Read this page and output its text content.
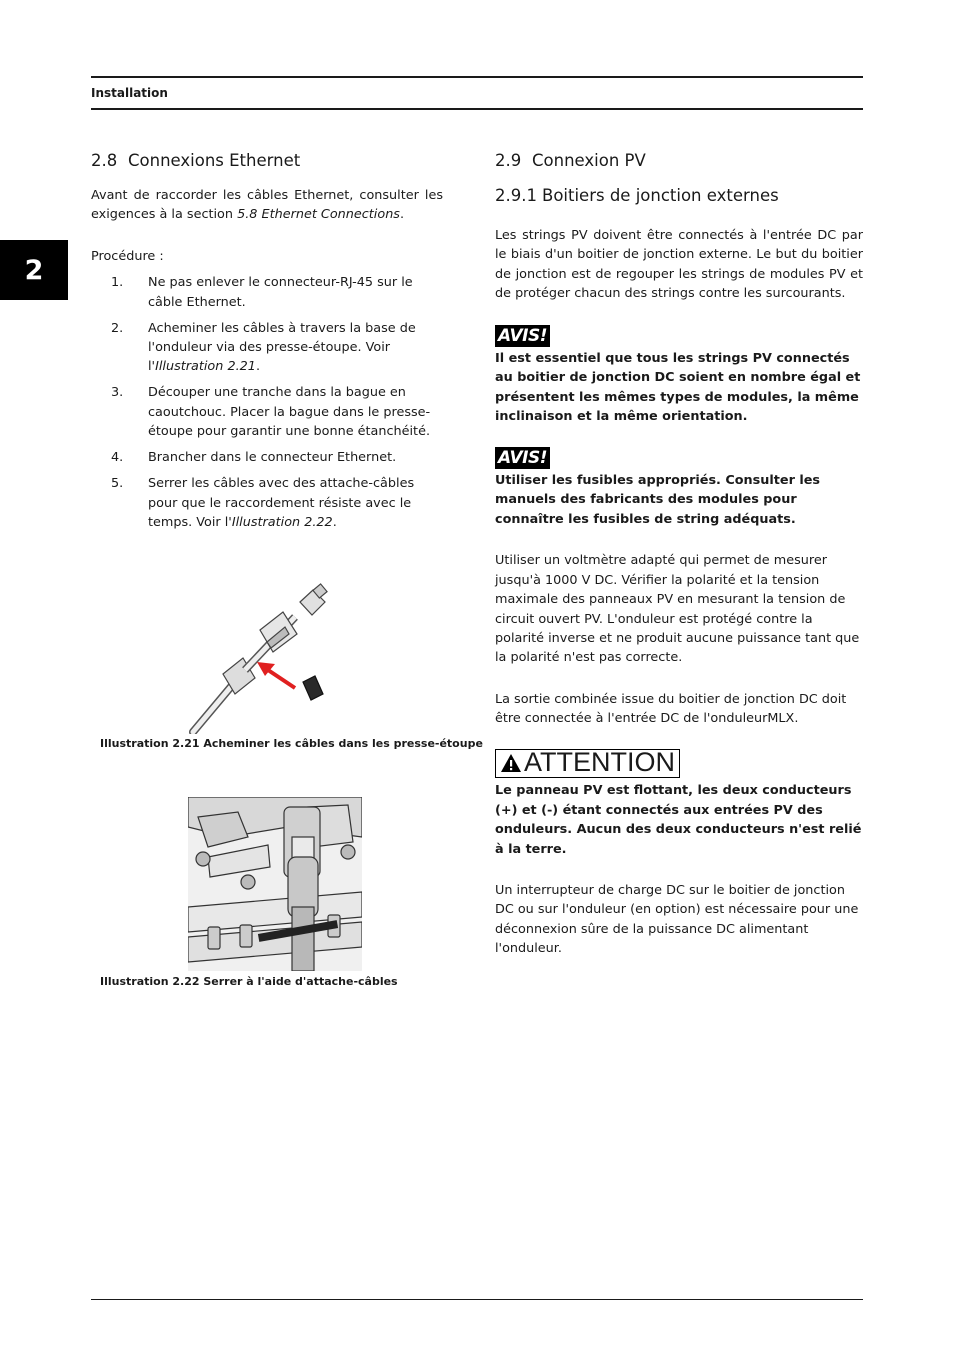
Installation
2
2.8 Connexions Ethernet

Avant de raccorder les câbles Ethernet, consulter les exigences à la section 5.8 Ethernet Connections.

Procédure :

1. Ne pas enlever le connecteur-RJ-45 sur le câble Ethernet.
2. Acheminer les câbles à travers la base de l'onduleur via des presse-étoupe. Voir l'Illustration 2.21.
3. Découper une tranche dans la bague en caoutchouc. Placer la bague dans le presse-étoupe pour garantir une bonne étanchéité.
4. Brancher dans le connecteur Ethernet.
5. Serrer les câbles avec des attache-câbles pour que le raccordement résiste avec le temps. Voir l'Illustration 2.22.
Illustration 2.21 Acheminer les câbles dans les presse-étoupe
Illustration 2.22 Serrer à l'aide d'attache-câbles
2.9 Connexion PV
2.9.1 Boitiers de jonction externes

Les strings PV doivent être connectés à l'entrée DC par le biais d'un boitier de jonction externe. Le but du boitier de jonction est de regouper les strings de modules PV et de protéger chacun des strings contre les surcourants.

AVIS!

Il est essentiel que tous les strings PV connectés au boitier de jonction DC soient en nombre égal et présentent les mêmes types de modules, la même inclinaison et la même orientation.

AVIS!

Utiliser les fusibles appropriés. Consulter les manuels des fabricants des modules pour connaître les fusibles de string adéquats.

Utiliser un voltmètre adapté qui permet de mesurer jusqu'à 1000 V DC. Vérifier la polarité et la tension maximale des panneaux PV en mesurant la tension de circuit ouvert PV. L'onduleur est protégé contre la polarité inverse et ne produit aucune puissance tant que la polarité n'est pas correcte.

La sortie combinée issue du boitier de jonction DC doit être connectée à l'entrée DC de l'onduleurMLX.

ATTENTION

Le panneau PV est flottant, les deux conducteurs (+) et (-) étant connectés aux entrées PV des onduleurs. Aucun des deux conducteurs n'est relié à la terre.

Un interrupteur de charge DC sur le boitier de jonction DC ou sur l'onduleur (en option) est nécessaire pour une déconnexion sûre de la puissance DC alimentant l'onduleur.
